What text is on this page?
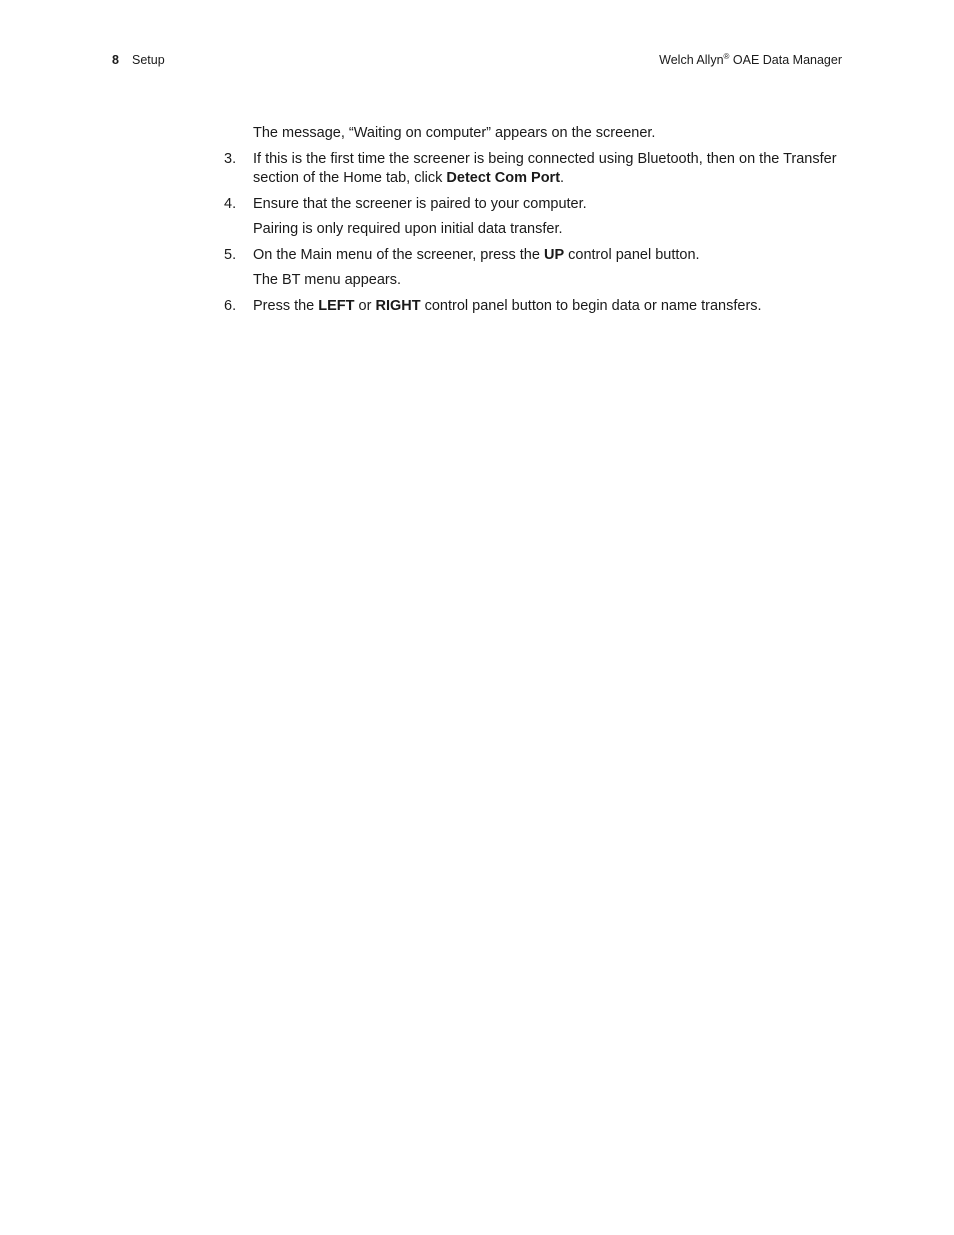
8 Setup	Welch Allyn® OAE Data Manager
The message, “Waiting on computer” appears on the screener.
3.	If this is the first time the screener is being connected using Bluetooth, then on the Transfer section of the Home tab, click Detect Com Port.
4.	Ensure that the screener is paired to your computer.
Pairing is only required upon initial data transfer.
5.	On the Main menu of the screener, press the UP control panel button.
The BT menu appears.
6.	Press the LEFT or RIGHT control panel button to begin data or name transfers.
